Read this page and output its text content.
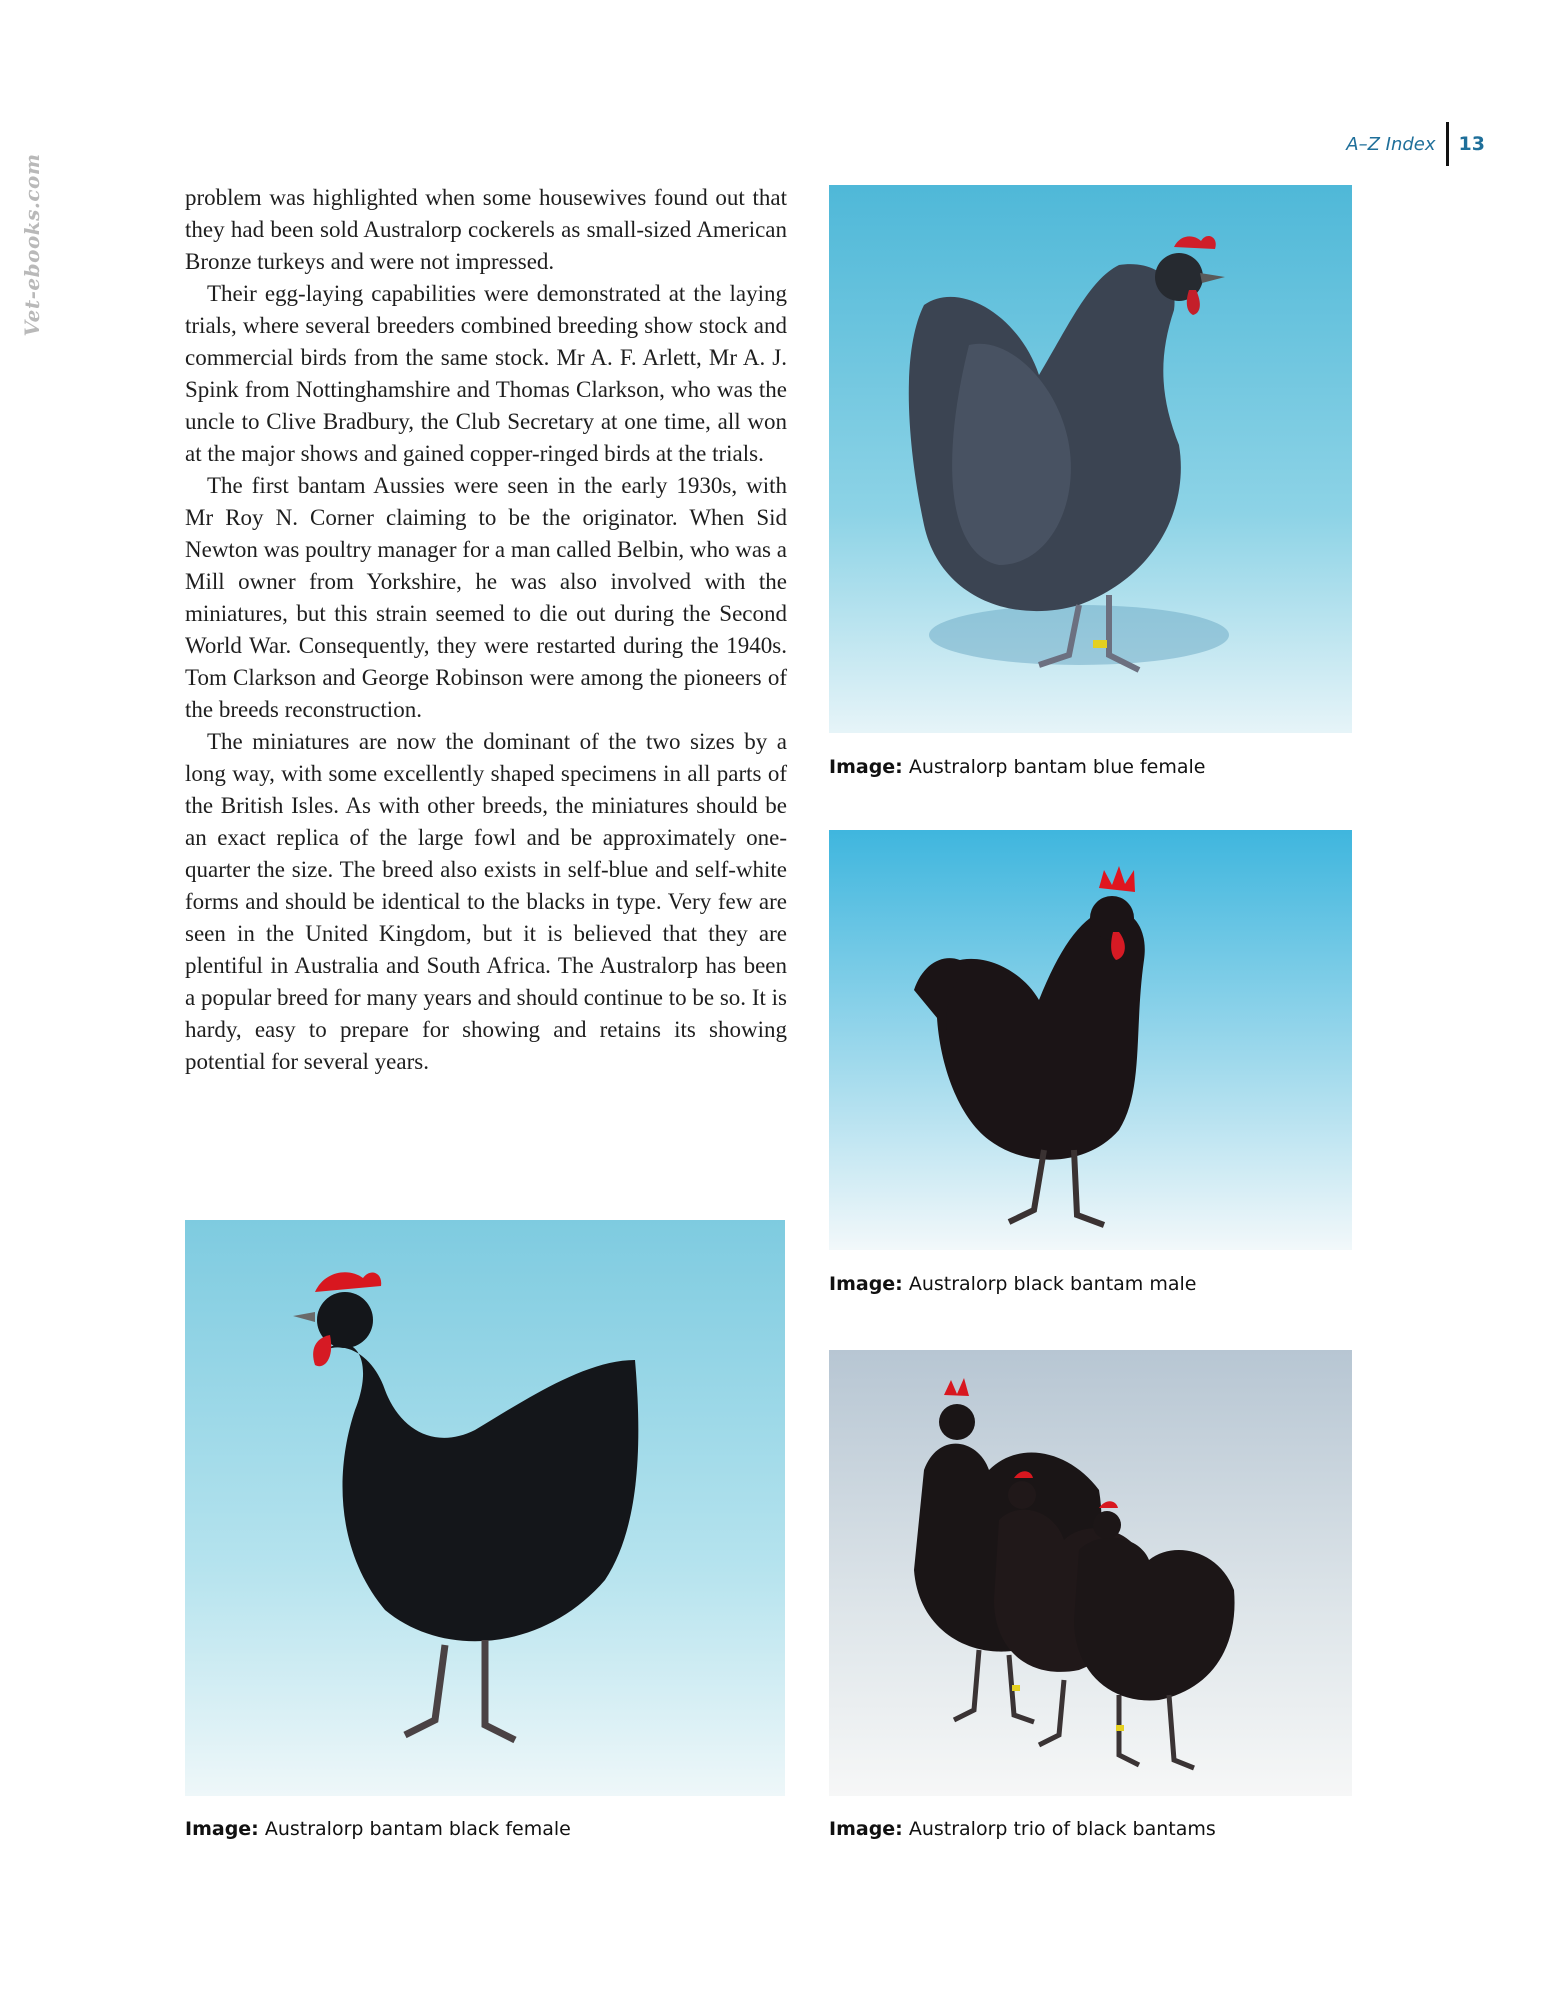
A–Z Index 13
Vet-ebooks.com	problem was highlighted when some housewives found out that they had been sold Australorp cockerels as small-sized American Bronze turkeys and were not impressed.

Their egg-laying capabilities were demonstrated at the laying trials, where several breeders combined breeding show stock and commercial birds from the same stock. Mr A. F. Arlett, Mr A. J. Spink from Nottinghamshire and Thomas Clarkson, who was the uncle to Clive Bradbury, the Club Secretary at one time, all won at the major shows and gained copper-ringed birds at the trials.

The first bantam Aussies were seen in the early 1930s, with Mr Roy N. Corner claiming to be the originator. When Sid Newton was poultry manager for a man called Belbin, who was a Mill owner from Yorkshire, he was also involved with the miniatures, but this strain seemed to die out during the Second World War. Consequently, they were restarted during the 1940s. Tom Clarkson and George Robinson were among the pioneers of the breeds reconstruction.

The miniatures are now the dominant of the two sizes by a long way, with some excellently shaped specimens in all parts of the British Isles. As with other breeds, the miniatures should be an exact replica of the large fowl and be approximately one-quarter the size. The breed also exists in self-blue and self-white forms and should be identical to the blacks in type. Very few are seen in the United Kingdom, but it is believed that they are plentiful in Australia and South Africa. The Australorp has been a popular breed for many years and should continue to be so. It is hardy, easy to prepare for showing and retains its showing potential for several years.

Image: Australorp bantam blue female
Image: Australorp black bantam male
Image: Australorp bantam black female	Image: Australorp trio of black bantams
